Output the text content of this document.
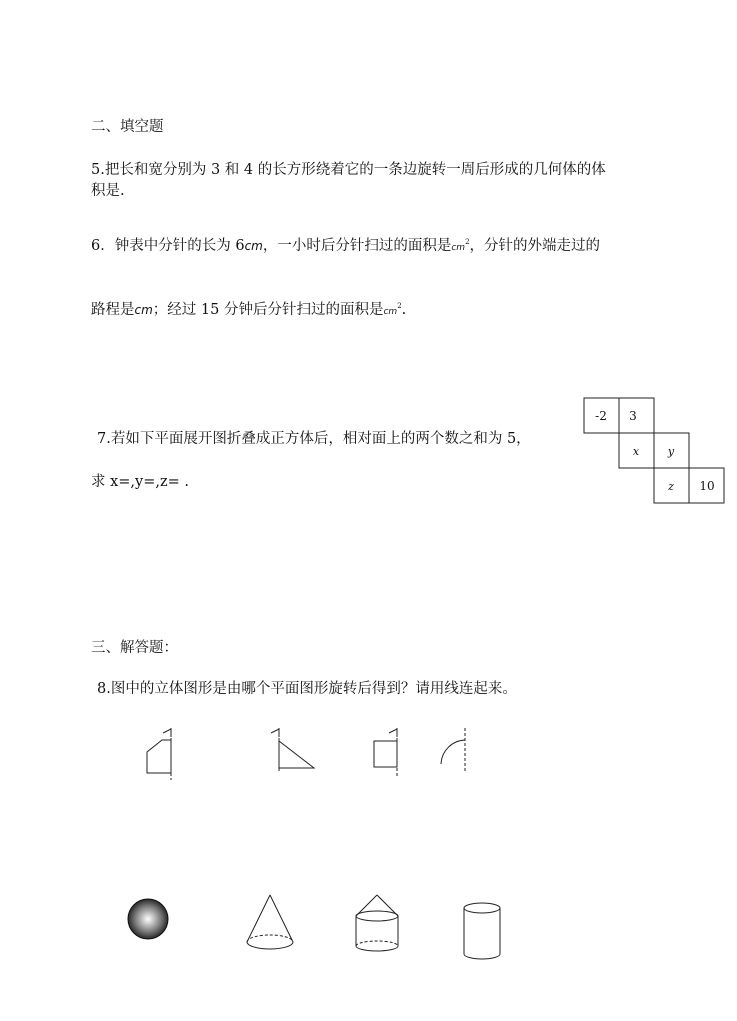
二、填空题
5.把长和宽分别为 3 和 4 的长方形绕着它的一条边旋转一周后形成的几何体的体
积是.
6．钟表中分针的长为 6cm，一小时后分针扫过的面积是$cm^2$，分针的外端走过的
路程是cm；经过 15 分钟后分针扫过的面积是$cm^2$.
7.若如下平面展开图折叠成正方体后，相对面上的两个数之和为 5，
求 x=,y=,z= .
-2 3
x	y
z 10
三、解答题：
8.图中的立体图形是由哪个平面图形旋转后得到？请用线连起来。
